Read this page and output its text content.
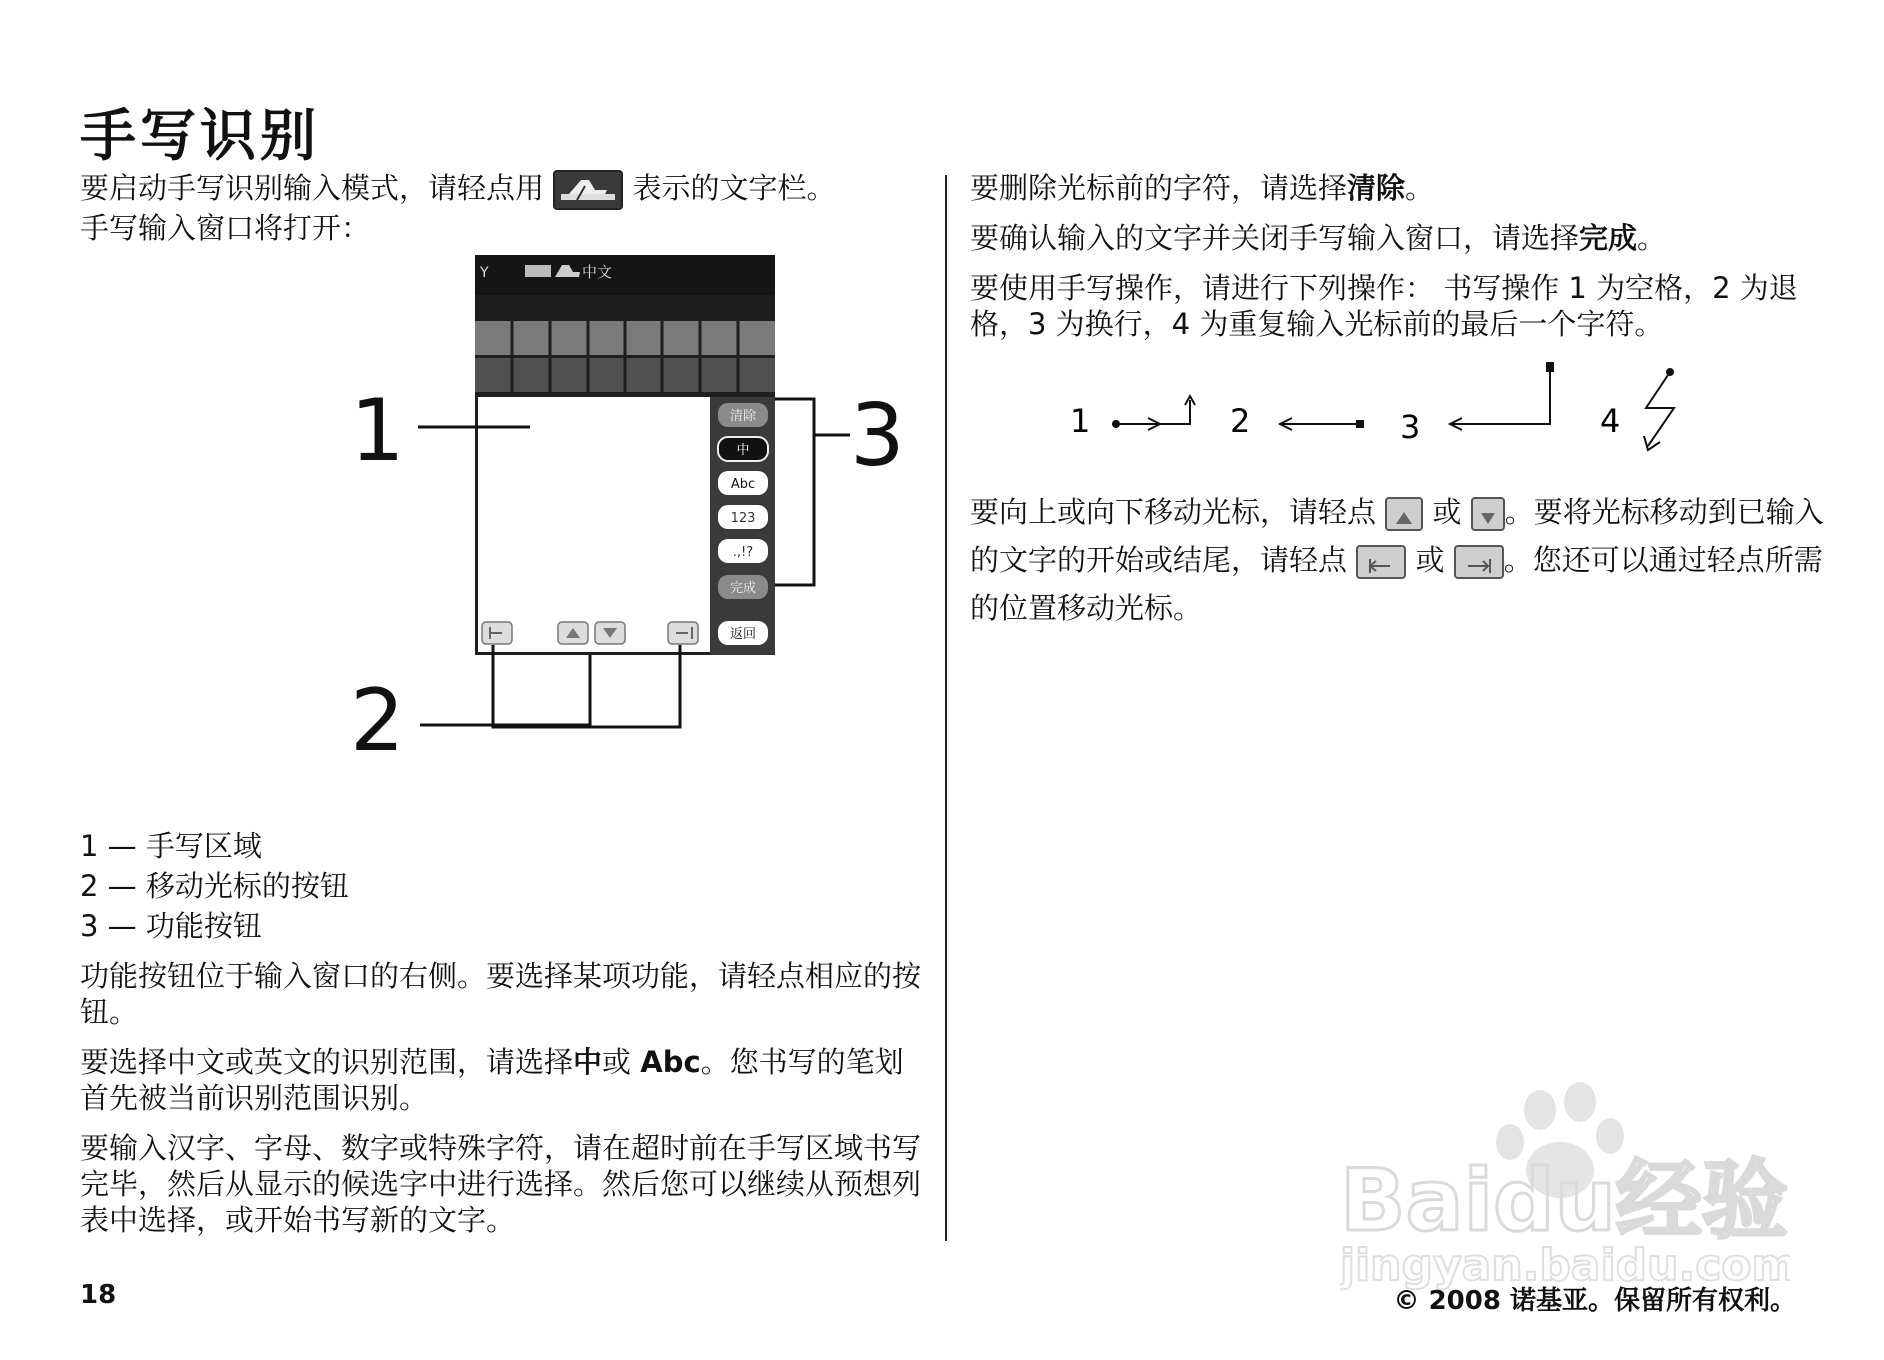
手写识别

要启动手写识别输入模式，请轻点用	表示的文字栏。
手写输入窗口将打开：

1 — 手写区域

2 — 移动光标的按钮

3 — 功能按钮

功能按钮位于输入窗口的右侧。要选择某项功能，请轻点相应的按钮。

要选择中文或英文的识别范围，请选择中或 Abc。您书写的笔划首先被当前识别范围识别。

要输入汉字、字母、数字或特殊字符，请在超时前在手写区域书写完毕，然后从显示的候选字中进行选择。然后您可以继续从预想列表中选择，或开始书写新的文字。

Y	中文
清除
中
Abc
123
.,!?
完成
返回
1
2
3

要删除光标前的字符，请选择清除。

要确认输入的文字并关闭手写输入窗口，请选择完成。

要使用手写操作，请进行下列操作： 书写操作 1 为空格，2 为退格，3 为换行，4 为重复输入光标前的最后一个字符。

1	2	3	4

要向上或向下移动光标，请轻点 或 。要将光标移动到已输入的文字的开始或结尾，请轻点 或 。您还可以通过轻点所需的位置移动光标。

Baidu经验
jingyan.baidu.com
18	© 2008 诺基亚。保留所有权利。
